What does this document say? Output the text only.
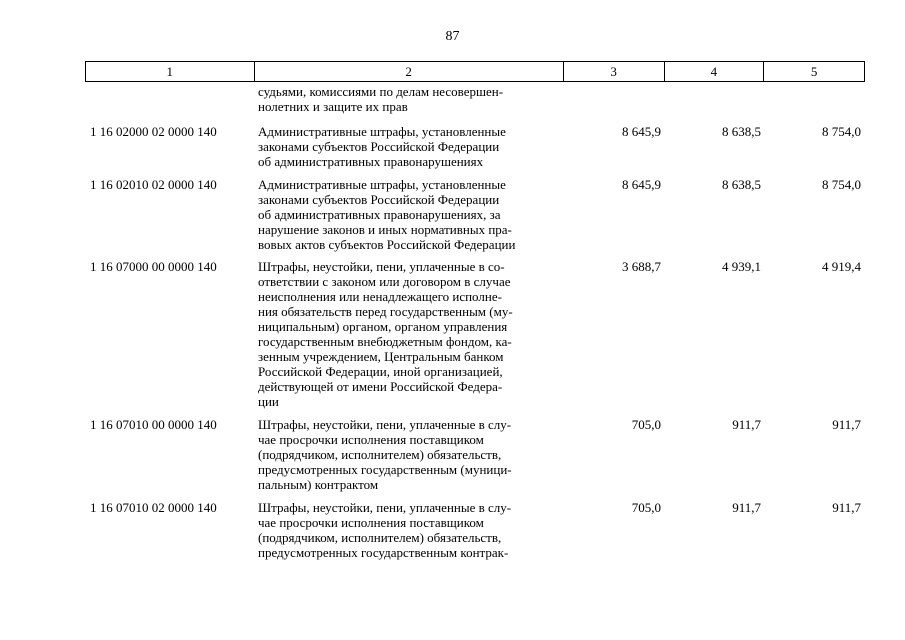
87
1	2	3	4	5
судьями, комиссиями по делам несовершен-
нолетних и защите их прав
1 16 02000 02 0000 140	Административные штрафы, установленные
законами субъектов Российской Федерации
об административных правонарушениях
8 645,9	8 638,5	8 754,0
1 16 02010 02 0000 140	Административные штрафы, установленные
законами субъектов Российской Федерации
об административных правонарушениях, за
нарушение законов и иных нормативных пра-
вовых актов субъектов Российской Федерации
8 645,9	8 638,5	8 754,0
1 16 07000 00 0000 140	Штрафы, неустойки, пени, уплаченные в со-
ответствии с законом или договором в случае
неисполнения или ненадлежащего исполне-
ния обязательств перед государственным (му-
ниципальным) органом, органом управления
государственным внебюджетным фондом, ка-
зенным учреждением, Центральным банком
Российской Федерации, иной организацией,
действующей от имени Российской Федера-
ции
3 688,7	4 939,1	4 919,4
1 16 07010 00 0000 140	Штрафы, неустойки, пени, уплаченные в слу-
чае просрочки исполнения поставщиком
(подрядчиком, исполнителем) обязательств,
предусмотренных государственным (муници-
пальным) контрактом
705,0	911,7	911,7
1 16 07010 02 0000 140	Штрафы, неустойки, пени, уплаченные в слу-
чае просрочки исполнения поставщиком
(подрядчиком, исполнителем) обязательств,
предусмотренных государственным контрак-
705,0	911,7	911,7
